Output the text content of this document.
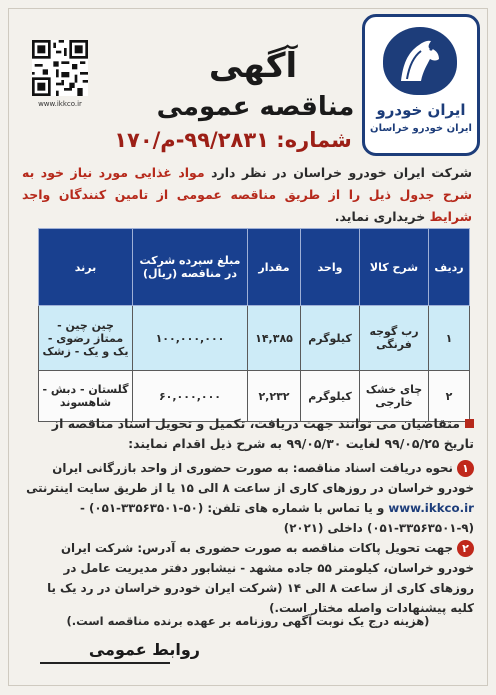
www.ikkco.ir	ایران خودرو
ایران خودرو خراسان
آگهی
مناقصه عمومی
شماره: ۹۹/۲۸۳۱-م/۱۷۰
شرکت ایران خودرو خراسان در نظر دارد مواد غذایی مورد نیاز خود به شرح جدول ذیل را از طریق مناقصه عمومی از تامین کنندگان واجد شرایط خریداری نماید.
ردیف	شرح کالا	واحد	مقدار	مبلغ سپرده شرکت در مناقصه (ریال)	برند
۱	رب گوجه فرنگی	کیلوگرم	۱۴,۳۸۵	۱۰۰,۰۰۰,۰۰۰	چین چین - ممتاز رضوی - یک و یک - زشک
۲	چای خشک خارجی	کیلوگرم	۲,۲۳۲	۶۰,۰۰۰,۰۰۰	گلستان - دبش - شاهسوند
متقاضیان می توانند جهت دریافت، تکمیل و تحویل اسناد مناقصه از تاریخ ۹۹/۰۵/۲۵ لغایت ۹۹/۰۵/۳۰ به شرح ذیل اقدام نمایند:
۱نحوه دریافت اسناد مناقصه: به صورت حضوری از واحد بازرگانی ایران خودرو خراسان در روزهای کاری از ساعت ۸ الی ۱۵ یا از طریق سایت اینترنتی www.ikkco.ir و یا تماس با شماره های تلفن: (۵۰-۳۳۵۶۳۵۰۱-۰۵۱) - (۹-۳۳۵۶۳۵۰۱-۰۵۱) داخلی (۲۰۲۱)
۲جهت تحویل پاکات مناقصه به صورت حضوری به آدرس: شرکت ایران خودرو خراسان، کیلومتر ۵۵ جاده مشهد - نیشابور دفتر مدیریت عامل در روزهای کاری از ساعت ۸ الی ۱۴ (شرکت ایران خودرو خراسان در رد یک یا کلیه پیشنهادات واصله مختار است.)
(هزینه درج یک نوبت آگهی روزنامه بر عهده برنده مناقصه است.)
روابط عمومی
